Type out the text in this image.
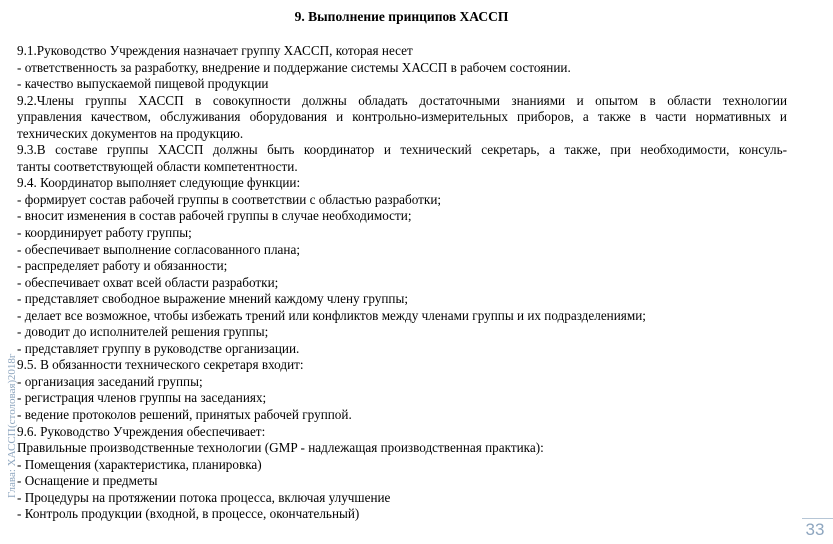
9. Выполнение принципов ХАССП
9.1.Руководство Учреждения назначает группу ХАССП, которая несет
- ответственность за разработку, внедрение и поддержание системы ХАССП в рабочем состоянии.
- качество выпускаемой пищевой продукции
9.2.Члены группы ХАССП в совокупности должны обладать достаточными знаниями и опытом в области технологии
управления качеством, обслуживания оборудования и контрольно-измерительных приборов, а также в части нормативных и
технических документов на продукцию.
9.3.В составе группы ХАССП должны быть координатор и технический секретарь, а также, при необходимости, консуль-
танты соответствующей области компетентности.
9.4. Координатор выполняет следующие функции:
- формирует состав рабочей группы в соответствии с областью разработки;
- вносит изменения в состав рабочей группы в случае необходимости;
- координирует работу группы;
- обеспечивает выполнение согласованного плана;
- распределяет работу и обязанности;
- обеспечивает охват всей области разработки;
- представляет свободное выражение мнений каждому члену группы;
- делает все возможное, чтобы избежать трений или конфликтов между членами группы и их подразделениями;
- доводит до исполнителей решения группы;
- представляет группу в руководстве организации.
9.5. В обязанности технического секретаря входит:
- организация заседаний группы;
- регистрация членов группы на заседаниях;
- ведение протоколов решений, принятых рабочей группой.
9.6. Руководство Учреждения обеспечивает:
Правильные производственные технологии (GMP - надлежащая производственная практика):
- Помещения (характеристика, планировка)
- Оснащение и предметы
- Процедуры на протяжении потока процесса, включая улучшение
- Контроль продукции (входной, в процессе, окончательный)
Глава: ХАССП(столовая)2018г
33
